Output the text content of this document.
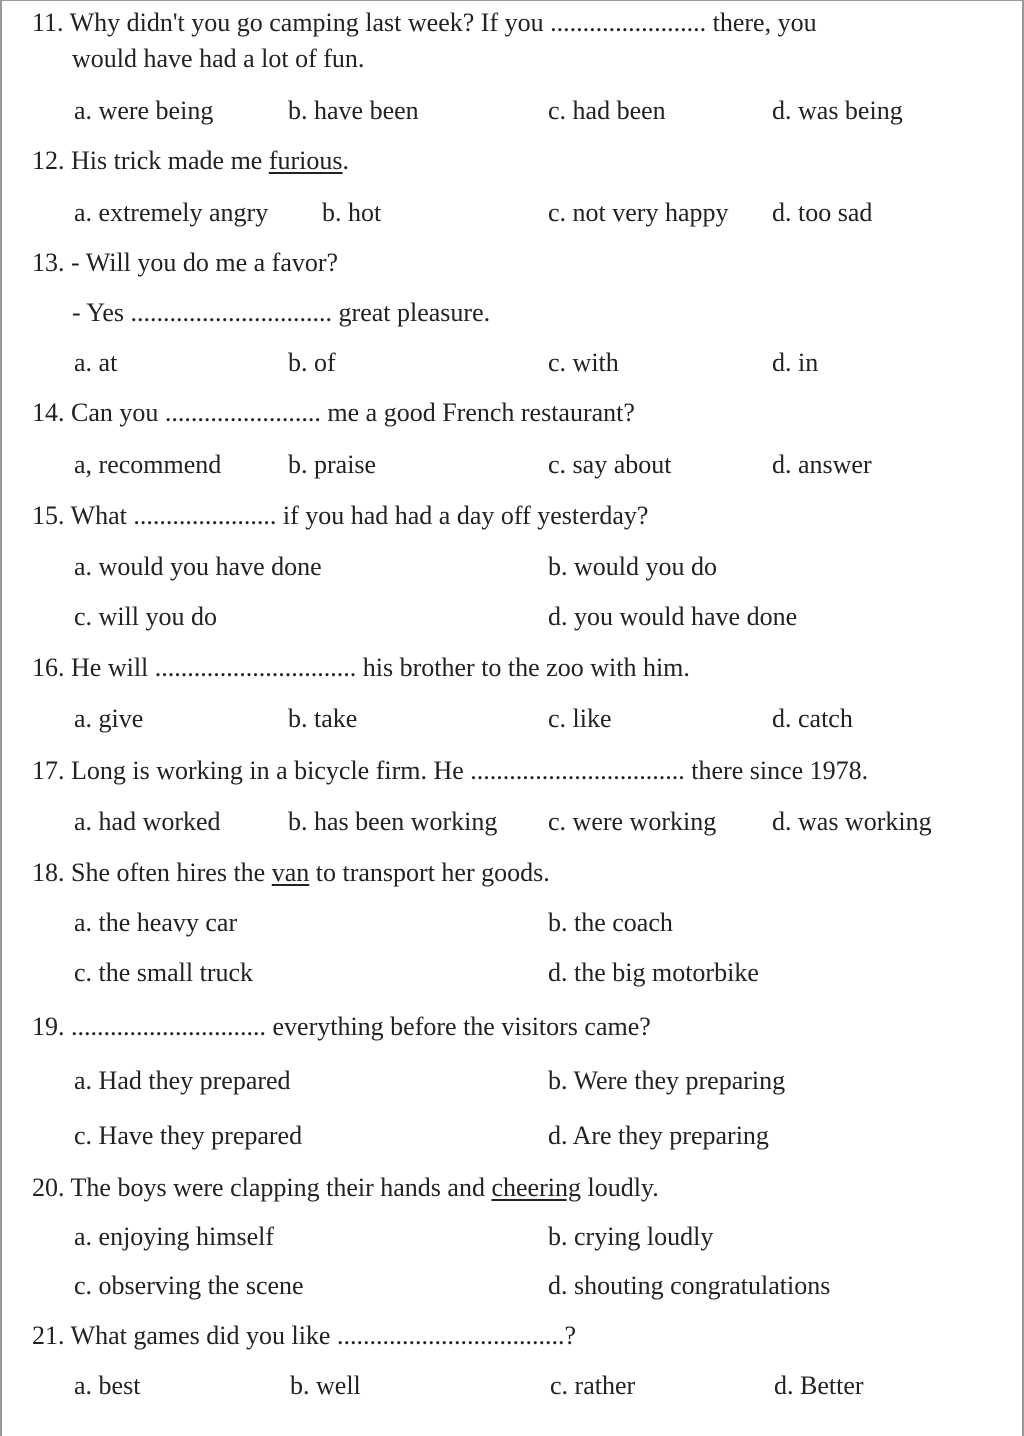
11. Why didn't you go camping last week? If you ........................ there, you
would have had a lot of fun.
a. were being	b. have been	c. had been	d. was being
12. His trick made me furious.
a. extremely angry b. hot	c. not very happy d. too sad
13. - Will you do me a favor?
- Yes ............................... great pleasure.
a. at	b. of	c. with	d. in
14. Can you ........................ me a good French restaurant?
a, recommend	b. praise	c. say about	d. answer
15. What ...................... if you had had a day off yesterday?
a. would you have done	b. would you do
c. will you do	d. you would have done
16. He will ............................... his brother to the zoo with him.
a. give	b. take	c. like	d. catch
17. Long is working in a bicycle firm. He ................................. there since 1978.
a. had worked	b. has been working c. were working d. was working
18. She often hires the van to transport her goods.
a. the heavy car	b. the coach
c. the small truck	d. the big motorbike
19. .............................. everything before the visitors came?
a. Had they prepared	b. Were they preparing
c. Have they prepared	d. Are they preparing
20. The boys were clapping their hands and cheering loudly.
a. enjoying himself	b. crying loudly
c. observing the scene	d. shouting congratulations
21. What games did you like ...................................?
a. best	b. well	c. rather	d. Better
